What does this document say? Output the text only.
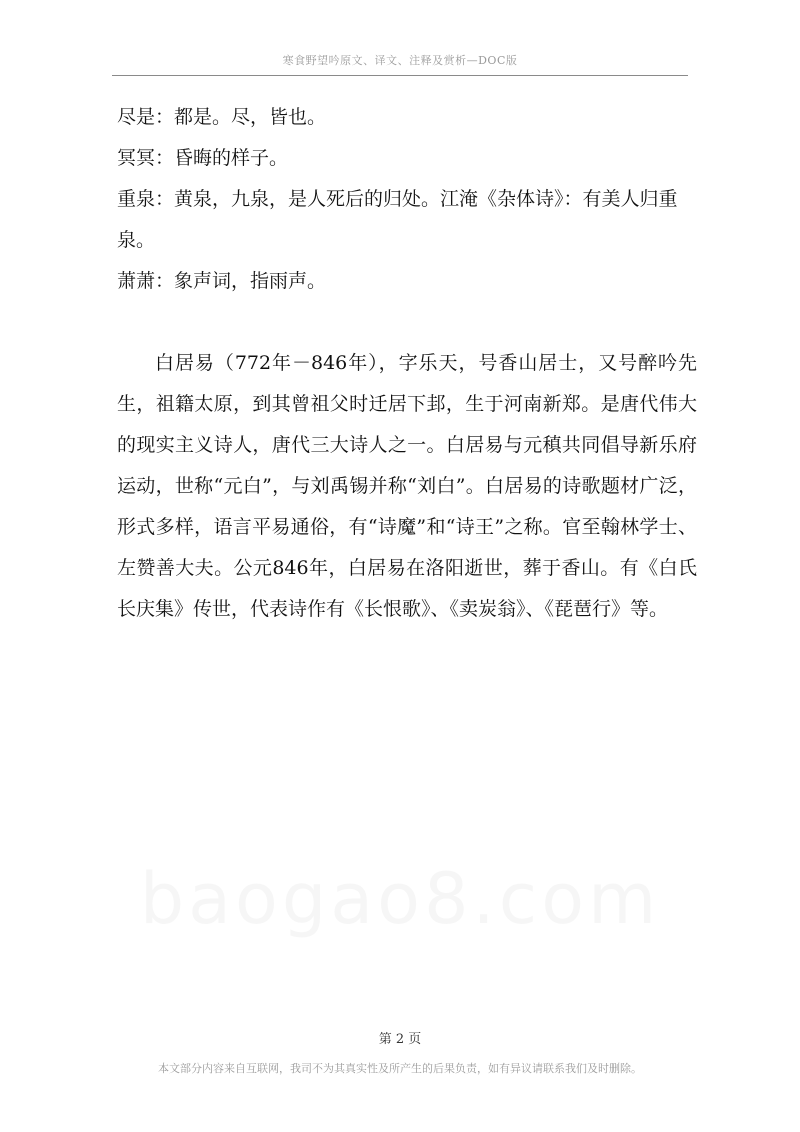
寒食野望吟原文、译文、注释及赏析—DOC版

尽是：都是。尽，皆也。

冥冥：昏晦的样子。

重泉：黄泉，九泉，是人死后的归处。江淹《杂体诗》：有美人归重泉。

萧萧：象声词，指雨声。

白居易（772年－846年），字乐天，号香山居士，又号醉吟先生，祖籍太原，到其曾祖父时迁居下邽，生于河南新郑。是唐代伟大的现实主义诗人，唐代三大诗人之一。白居易与元稹共同倡导新乐府运动，世称“元白”，与刘禹锡并称“刘白”。白居易的诗歌题材广泛，形式多样，语言平易通俗，有“诗魔”和“诗王”之称。官至翰林学士、左赞善大夫。公元846年，白居易在洛阳逝世，葬于香山。有《白氏长庆集》传世，代表诗作有《长恨歌》、《卖炭翁》、《琵琶行》等。

第 2 页
本文部分内容来自互联网，我司不为其真实性及所产生的后果负责，如有异议请联系我们及时删除。
